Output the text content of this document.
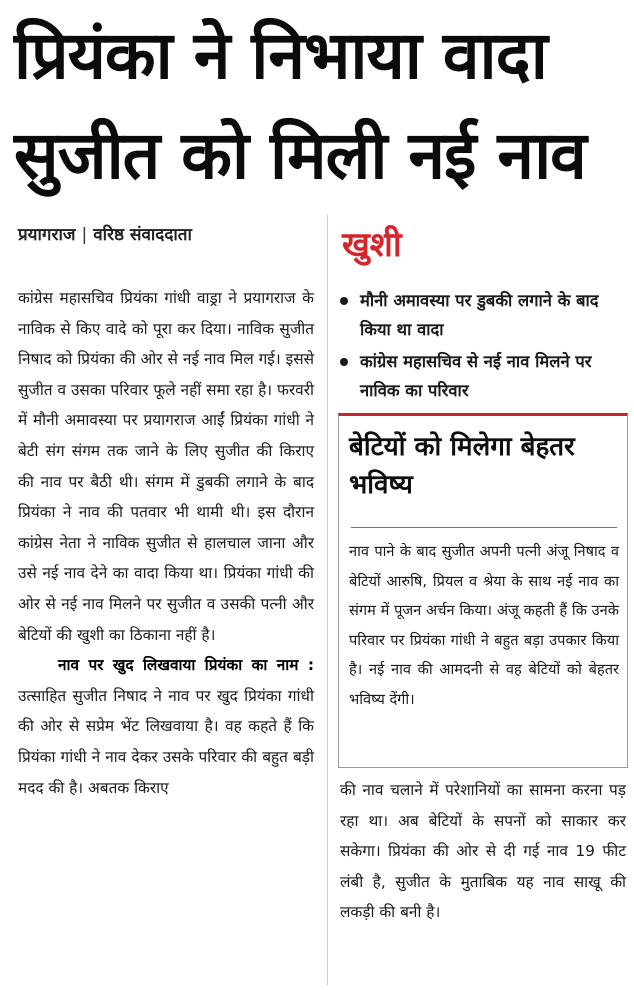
प्रियंका ने निभाया वादा
सुजीत को मिली नई नाव
प्रयागराज | वरिष्ठ संवाददाता

कांग्रेस महासचिव प्रियंका गांधी वाड्रा ने प्रयागराज के नाविक से किए वादे को पूरा कर दिया। नाविक सुजीत निषाद को प्रियंका की ओर से नई नाव मिल गई। इससे सुजीत व उसका परिवार फूले नहीं समा रहा है। फरवरी में मौनी अमावस्या पर प्रयागराज आईं प्रियंका गांधी ने बेटी संग संगम तक जाने के लिए सुजीत की किराए की नाव पर बैठी थी। संगम में डुबकी लगाने के बाद प्रियंका ने नाव की पतवार भी थामी थी। इस दौरान कांग्रेस नेता ने नाविक सुजीत से हालचाल जाना और उसे नई नाव देने का वादा किया था। प्रियंका गांधी की ओर से नई नाव मिलने पर सुजीत व उसकी पत्नी और बेटियों की खुशी का ठिकाना नहीं है।

नाव पर खुद लिखवाया प्रियंका का नाम : उत्साहित सुजीत निषाद ने नाव पर खुद प्रियंका गांधी की ओर से सप्रेम भेंट लिखवाया है। वह कहते हैं कि प्रियंका गांधी ने नाव देकर उसके परिवार की बहुत बड़ी मदद की है। अबतक किराए

खुशी
मौनी अमावस्या पर डुबकी लगाने के बाद किया था वादा
कांग्रेस महासचिव से नई नाव मिलने पर नाविक का परिवार
बेटियों को मिलेगा बेहतर भविष्य

नाव पाने के बाद सुजीत अपनी पत्नी अंजू निषाद व बेटियों आरुषि, प्रियल व श्रेया के साथ नई नाव का संगम में पूजन अर्चन किया। अंजू कहती हैं कि उनके परिवार पर प्रियंका गांधी ने बहुत बड़ा उपकार किया है। नई नाव की आमदनी से वह बेटियों को बेहतर भविष्य देंगी।

की नाव चलाने में परेशानियों का सामना करना पड़ रहा था। अब बेटियों के सपनों को साकार कर सकेगा। प्रियंका की ओर से दी गई नाव 19 फीट लंबी है, सुजीत के मुताबिक यह नाव साखू की लकड़ी की बनी है।
